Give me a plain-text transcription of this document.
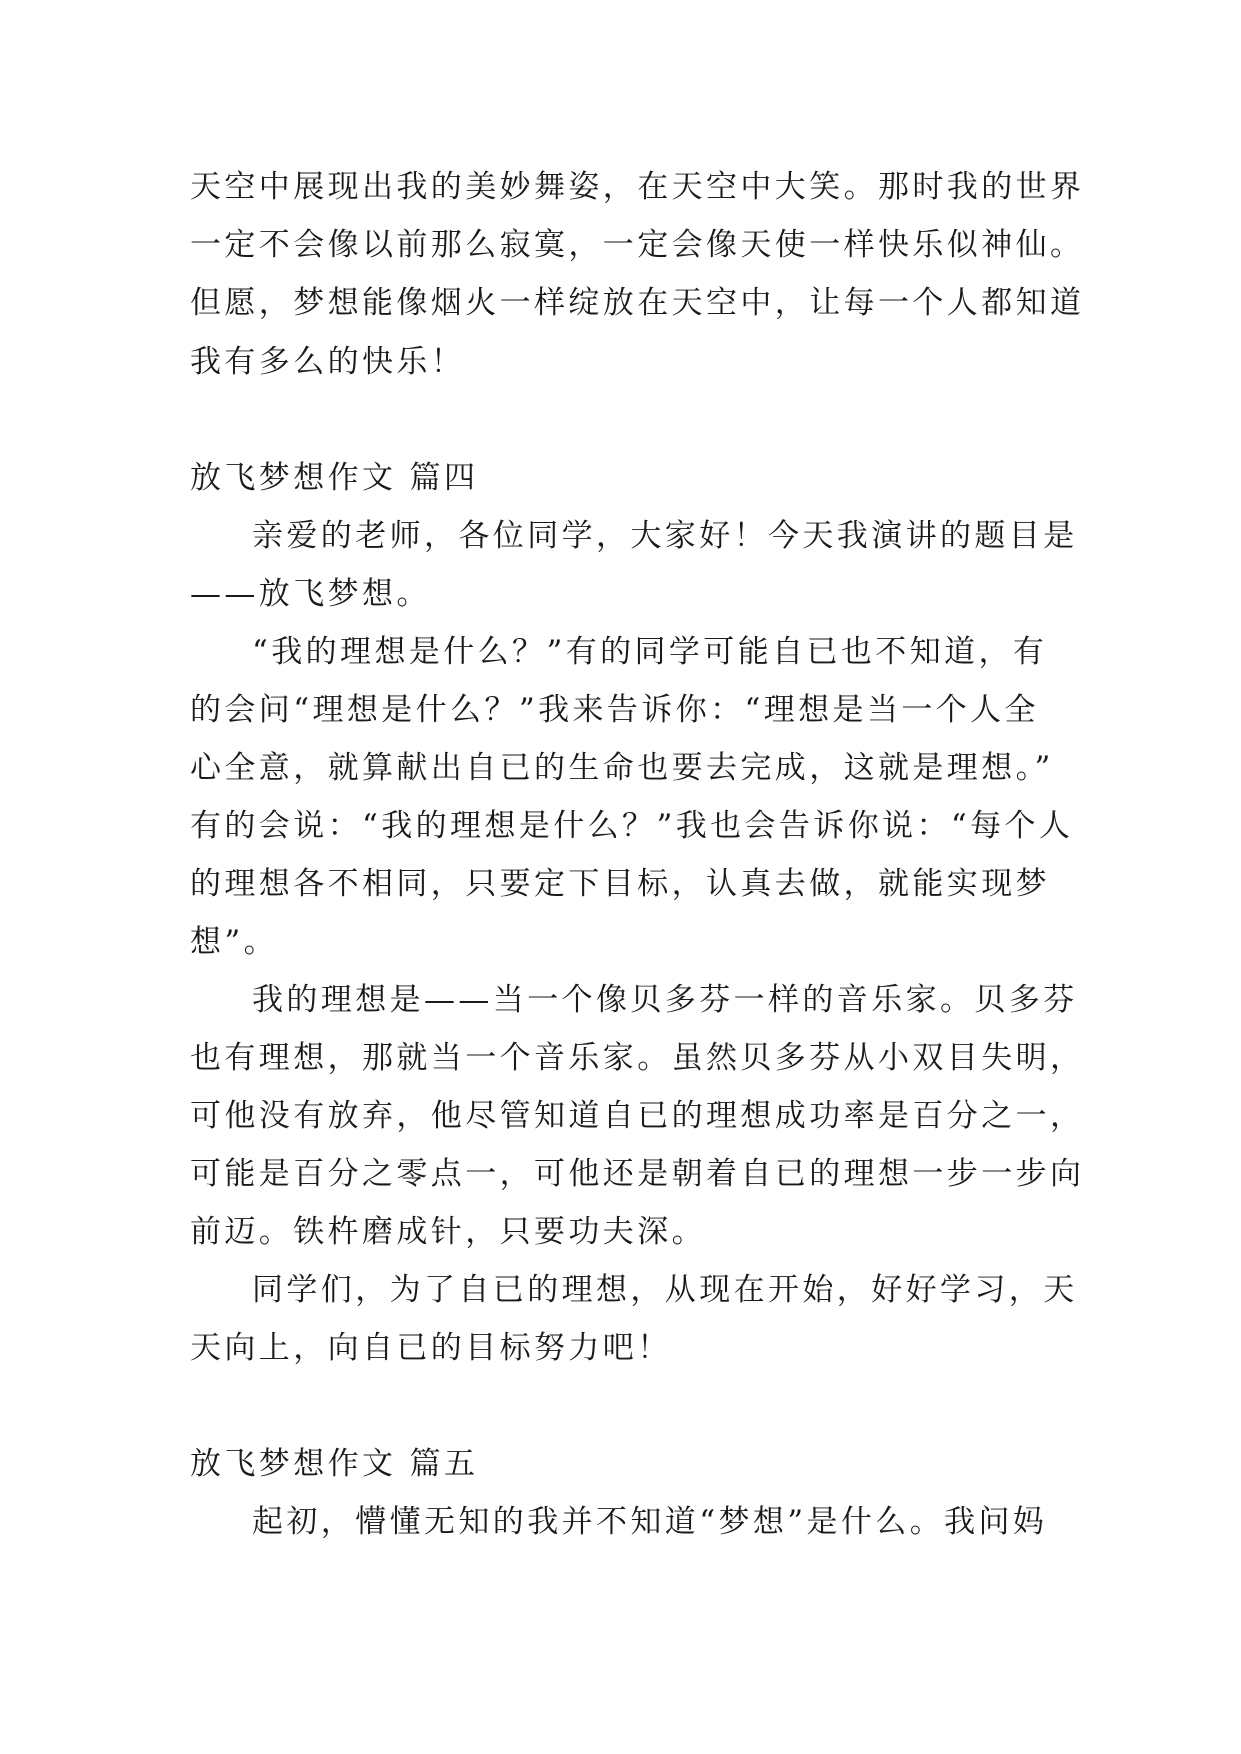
天空中展现出我的美妙舞姿，在天空中大笑。那时我的世界
一定不会像以前那么寂寞，一定会像天使一样快乐似神仙。
但愿，梦想能像烟火一样绽放在天空中，让每一个人都知道
我有多么的快乐！
放飞梦想作文 篇四
亲爱的老师，各位同学，大家好！今天我演讲的题目是
——放飞梦想。
“我的理想是什么？”有的同学可能自已也不知道，有
的会问“理想是什么？”我来告诉你：“理想是当一个人全
心全意，就算献出自已的生命也要去完成，这就是理想。”
有的会说：“我的理想是什么？”我也会告诉你说：“每个人
的理想各不相同，只要定下目标，认真去做，就能实现梦
想”。
我的理想是——当一个像贝多芬一样的音乐家。贝多芬
也有理想，那就当一个音乐家。虽然贝多芬从小双目失明，
可他没有放弃，他尽管知道自已的理想成功率是百分之一，
可能是百分之零点一，可他还是朝着自已的理想一步一步向
前迈。铁杵磨成针，只要功夫深。
同学们，为了自已的理想，从现在开始，好好学习，天
天向上，向自已的目标努力吧！
放飞梦想作文 篇五
起初，懵懂无知的我并不知道“梦想”是什么。我问妈
